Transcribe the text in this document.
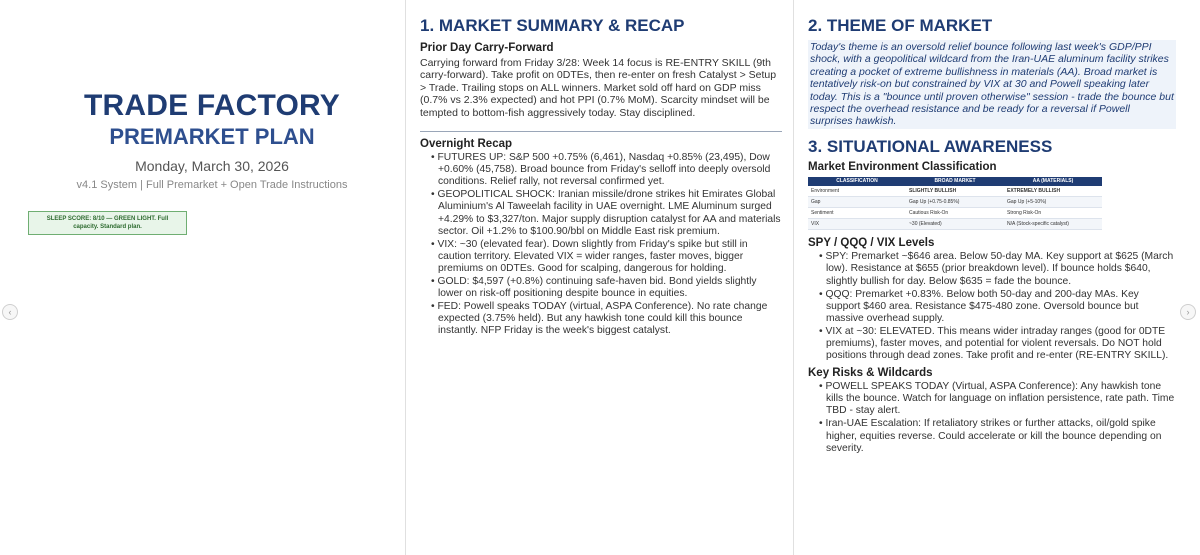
TRADE FACTORY
PREMARKET PLAN
Monday, March 30, 2026
v4.1 System | Full Premarket + Open Trade Instructions
SLEEP SCORE: 8/10 — GREEN LIGHT. Full capacity. Standard plan.
‹	›
1. MARKET SUMMARY & RECAP
Prior Day Carry-Forward
Carrying forward from Friday 3/28: Week 14 focus is RE-ENTRY SKILL (9th carry-forward). Take profit on 0DTEs, then re-enter on fresh Catalyst > Setup > Trade. Trailing stops on ALL winners. Market sold off hard on GDP miss (0.7% vs 2.3% expected) and hot PPI (0.7% MoM). Scarcity mindset will be tempted to bottom-fish aggressively today. Stay disciplined.
Overnight Recap
• FUTURES UP: S&P 500 +0.75% (6,461), Nasdaq +0.85% (23,495), Dow +0.60% (45,758). Broad bounce from Friday's selloff into deeply oversold conditions. Relief rally, not reversal confirmed yet.
• GEOPOLITICAL SHOCK: Iranian missile/drone strikes hit Emirates Global Aluminium's Al Taweelah facility in UAE overnight. LME Aluminum surged +4.29% to $3,327/ton. Major supply disruption catalyst for AA and materials sector. Oil +1.2% to $100.90/bbl on Middle East risk premium.
• VIX: ~30 (elevated fear). Down slightly from Friday's spike but still in caution territory. Elevated VIX = wider ranges, faster moves, bigger premiums on 0DTEs. Good for scalping, dangerous for holding.
• GOLD: $4,597 (+0.8%) continuing safe-haven bid. Bond yields slightly lower on risk-off positioning despite bounce in equities.
• FED: Powell speaks TODAY (virtual, ASPA Conference). No rate change expected (3.75% held). But any hawkish tone could kill this bounce instantly. NFP Friday is the week's biggest catalyst.
2. THEME OF MARKET
Today's theme is an oversold relief bounce following last week's GDP/PPI shock, with a geopolitical wildcard from the Iran-UAE aluminum facility strikes creating a pocket of extreme bullishness in materials (AA). Broad market is tentatively risk-on but constrained by VIX at 30 and Powell speaking later today. This is a "bounce until proven otherwise" session - trade the bounce but respect the overhead resistance and be ready for a reversal if Powell surprises hawkish.
3. SITUATIONAL AWARENESS
Market Environment Classification
CLASSIFICATION	BROAD MARKET	AA (MATERIALS)
Environment	SLIGHTLY BULLISH	EXTREMELY BULLISH
Gap	Gap Up (+0.75-0.85%)	Gap Up (+5-10%)
Sentiment	Cautious Risk-On	Strong Risk-On
VIX	~30 (Elevated)	N/A (Stock-specific catalyst)
SPY / QQQ / VIX Levels
• SPY: Premarket ~$646 area. Below 50-day MA. Key support at $625 (March low). Resistance at $655 (prior breakdown level). If bounce holds $640, slightly bullish for day. Below $635 = fade the bounce.
• QQQ: Premarket +0.83%. Below both 50-day and 200-day MAs. Key support $460 area. Resistance $475-480 zone. Oversold bounce but massive overhead supply.
• VIX at ~30: ELEVATED. This means wider intraday ranges (good for 0DTE premiums), faster moves, and potential for violent reversals. Do NOT hold positions through dead zones. Take profit and re-enter (RE-ENTRY SKILL).
Key Risks & Wildcards
• POWELL SPEAKS TODAY (Virtual, ASPA Conference): Any hawkish tone kills the bounce. Watch for language on inflation persistence, rate path. Time TBD - stay alert.
• Iran-UAE Escalation: If retaliatory strikes or further attacks, oil/gold spike higher, equities reverse. Could accelerate or kill the bounce depending on severity.
